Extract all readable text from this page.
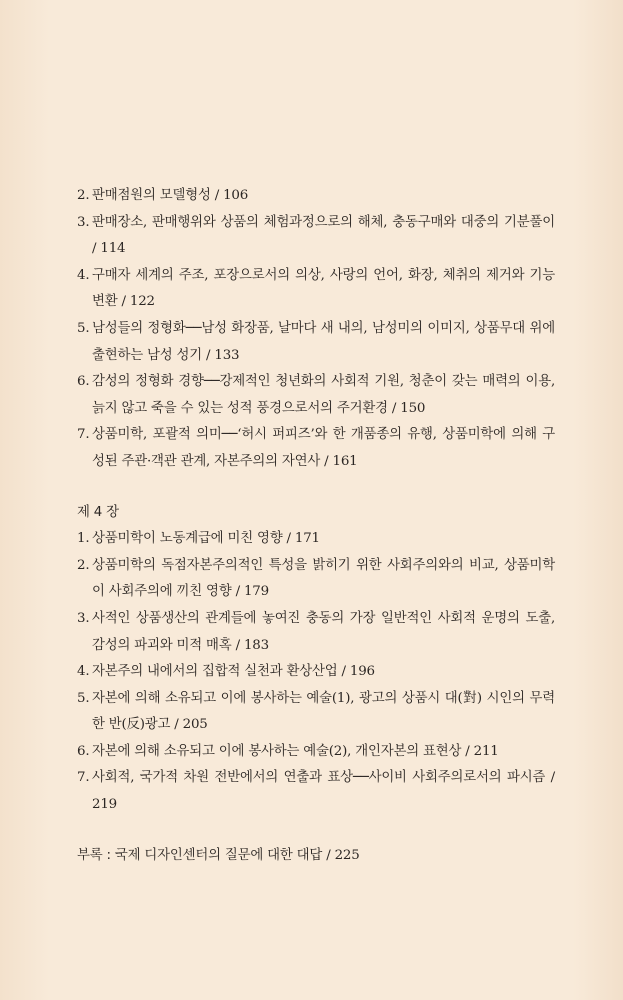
2. 판매점원의 모델형성 / 106
3. 판매장소, 판매행위와 상품의 체험과정으로의 해체, 충동구매와 대중의 기분풀이 / 114
4. 구매자 세계의 주조, 포장으로서의 의상, 사랑의 언어, 화장, 체취의 제거와 기능변환 / 122
5. 남성들의 정형화──남성 화장품, 날마다 새 내의, 남성미의 이미지, 상품무대 위에 출현하는 남성 성기 / 133
6. 감성의 정형화 경향──강제적인 청년화의 사회적 기원, 청춘이 갖는 매력의 이용, 늙지 않고 죽을 수 있는 성적 풍경으로서의 주거환경 / 150
7. 상품미학, 포괄적 의미──‘허시 퍼피즈’와 한 개품종의 유행, 상품미학에 의해 구성된 주관·객관 관계, 자본주의의 자연사 / 161
제 4 장
1. 상품미학이 노동계급에 미친 영향 / 171
2. 상품미학의 독점자본주의적인 특성을 밝히기 위한 사회주의와의 비교, 상품미학이 사회주의에 끼친 영향 / 179
3. 사적인 상품생산의 관계들에 놓여진 충동의 가장 일반적인 사회적 운명의 도출, 감성의 파괴와 미적 매혹 / 183
4. 자본주의 내에서의 집합적 실천과 환상산업 / 196
5. 자본에 의해 소유되고 이에 봉사하는 예술(1), 광고의 상품시 대(對) 시인의 무력한 반(反)광고 / 205
6. 자본에 의해 소유되고 이에 봉사하는 예술(2), 개인자본의 표현상 / 211
7. 사회적, 국가적 차원 전반에서의 연출과 표상──사이비 사회주의로서의 파시즘 / 219
부록 : 국제 디자인센터의 질문에 대한 대답 / 225
